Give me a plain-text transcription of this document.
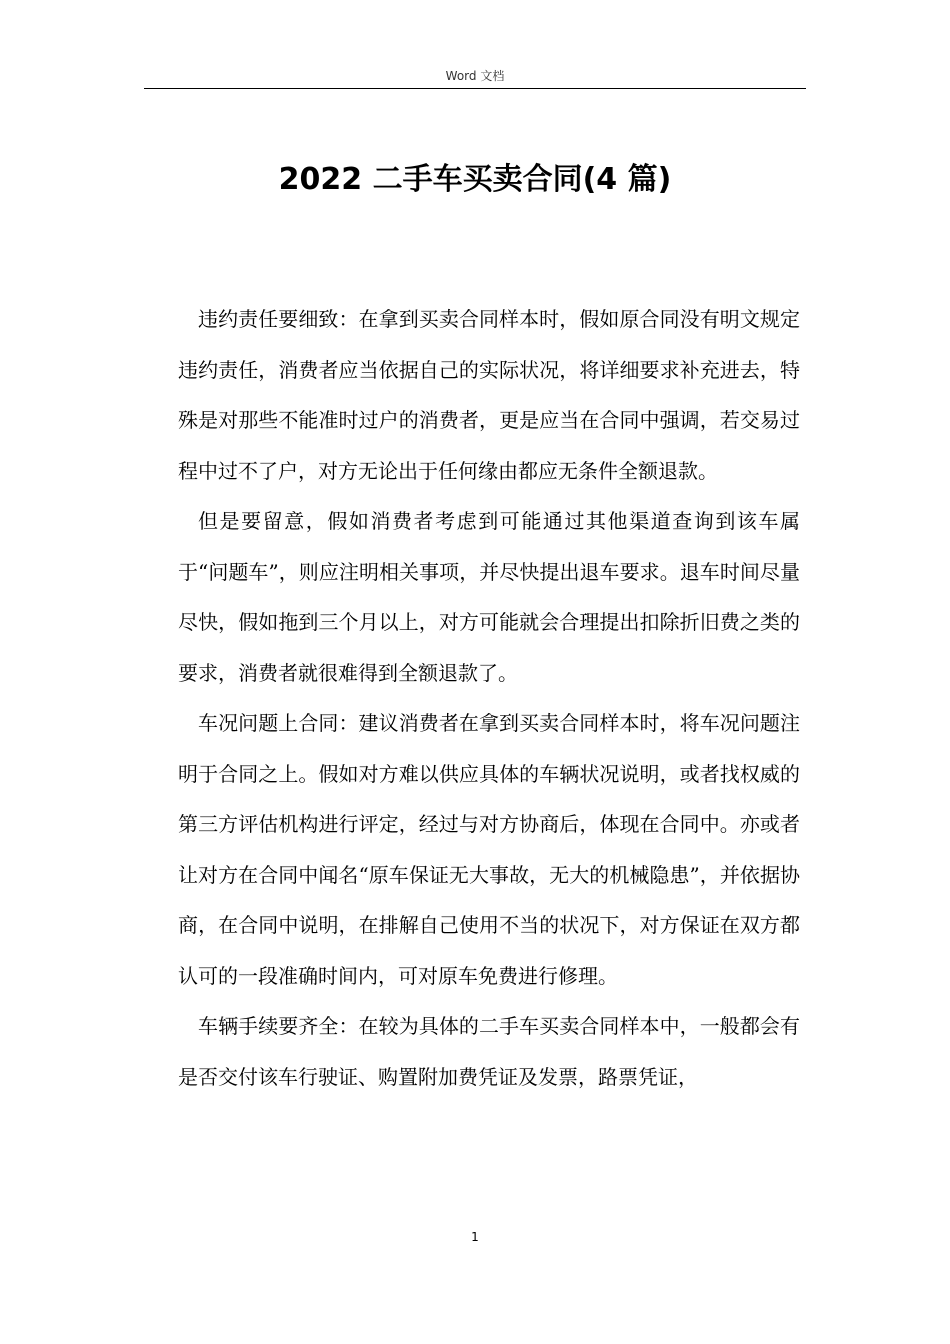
Word 文档
2022 二手车买卖合同(4 篇)

违约责任要细致：在拿到买卖合同样本时，假如原合同没有明文规定违约责任，消费者应当依据自己的实际状况，将详细要求补充进去，特殊是对那些不能准时过户的消费者，更是应当在合同中强调，若交易过程中过不了户，对方无论出于任何缘由都应无条件全额退款。

但是要留意，假如消费者考虑到可能通过其他渠道查询到该车属于“问题车”，则应注明相关事项，并尽快提出退车要求。退车时间尽量尽快，假如拖到三个月以上，对方可能就会合理提出扣除折旧费之类的要求，消费者就很难得到全额退款了。

车况问题上合同：建议消费者在拿到买卖合同样本时，将车况问题注明于合同之上。假如对方难以供应具体的车辆状况说明，或者找权威的第三方评估机构进行评定，经过与对方协商后，体现在合同中。亦或者让对方在合同中闻名“原车保证无大事故，无大的机械隐患”，并依据协商，在合同中说明，在排解自己使用不当的状况下，对方保证在双方都认可的一段准确时间内，可对原车免费进行修理。

车辆手续要齐全：在较为具体的二手车买卖合同样本中，一般都会有是否交付该车行驶证、购置附加费凭证及发票，路票凭证，

1
